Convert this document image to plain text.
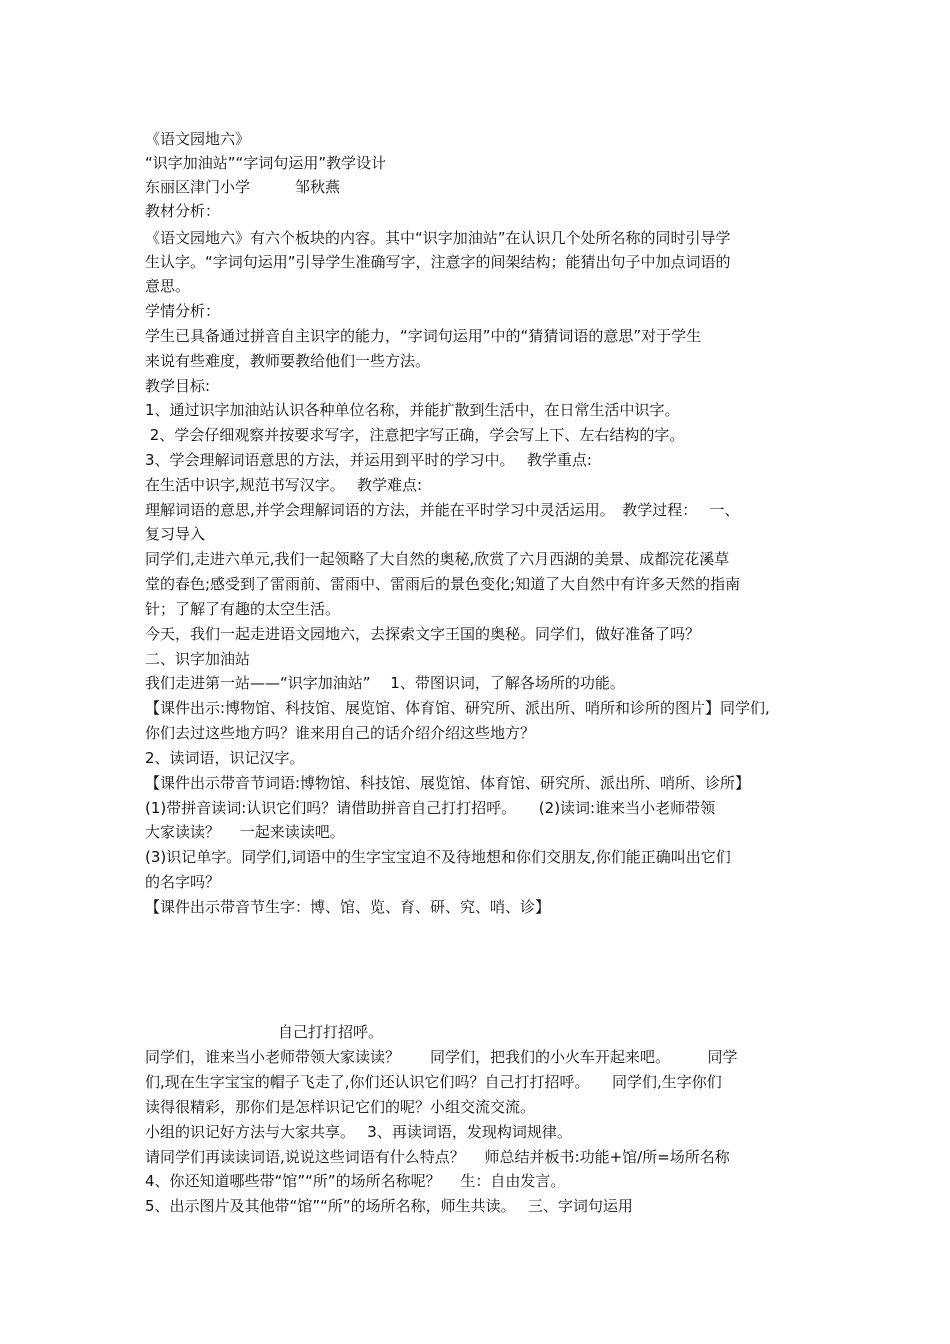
《语文园地六》
“识字加油站”“字词句运用”教学设计
东丽区津门小学　　　邹秋燕
教材分析：
《语文园地六》有六个板块的内容。其中“识字加油站”在认识几个处所名称的同时引导学
生认字。“字词句运用”引导学生准确写字，注意字的间架结构；能猜出句子中加点词语的
意思。
学情分析：
学生已具备通过拼音自主识字的能力，“字词句运用”中的“猜猜词语的意思”对于学生
来说有些难度，教师要教给他们一些方法。
教学目标:
1、通过识字加油站认识各种单位名称，并能扩散到生活中，在日常生活中识字。
2、学会仔细观察并按要求写字，注意把字写正确，学会写上下、左右结构的字。
3、学会理解词语意思的方法，并运用到平时的学习中。　 教学重点:
在生活中识字,规范书写汉字。　 教学难点:
理解词语的意思,并学会理解词语的方法，并能在平时学习中灵活运用。　教学过程：　 一、
复习导入
同学们,走进六单元,我们一起领略了大自然的奥秘,欣赏了六月西湖的美景、成都浣花溪草
堂的春色;感受到了雷雨前、雷雨中、雷雨后的景色变化;知道了大自然中有许多天然的指南
针；了解了有趣的太空生活。
今天，我们一起走进语文园地六，去探索文字王国的奥秘。同学们，做好准备了吗？
二、识字加油站
我们走进第一站——“识字加油站”　 1、带图识词，了解各场所的功能。
【课件出示:博物馆、科技馆、展览馆、体育馆、研究所、派出所、哨所和诊所的图片】同学们,
你们去过这些地方吗？谁来用自己的话介绍介绍这些地方？
2、读词语，识记汉字。
【课件出示带音节词语:博物馆、科技馆、展览馆、体育馆、研究所、派出所、哨所、诊所】
(1)带拼音读词:认识它们吗？请借助拼音自己打打招呼。　　(2)读词:谁来当小老师带领
大家读读？　 一起来读读吧。
(3)识记单字。同学们,词语中的生字宝宝迫不及待地想和你们交朋友,你们能正确叫出它们
的名字吗？
【课件出示带音节生字：博、馆、览、育、研、究、哨、诊】
自己打打招呼。
同学们，谁来当小老师带领大家读读？　　同学们，把我们的小火车开起来吧。　　　同学
们,现在生字宝宝的帽子飞走了,你们还认识它们吗？自己打打招呼。　　同学们,生字你们
读得很精彩，那你们是怎样识记它们的呢？小组交流交流。
小组的识记好方法与大家共享。　 3、再读词语，发现构词规律。
请同学们再读读词语,说说这些词语有什么特点？　 师总结并板书:功能+馆/所=场所名称
4、你还知道哪些带“馆”“所”的场所名称呢？　 生：自由发言。
5、出示图片及其他带“馆”“所”的场所名称，师生共读。　 三、字词句运用
